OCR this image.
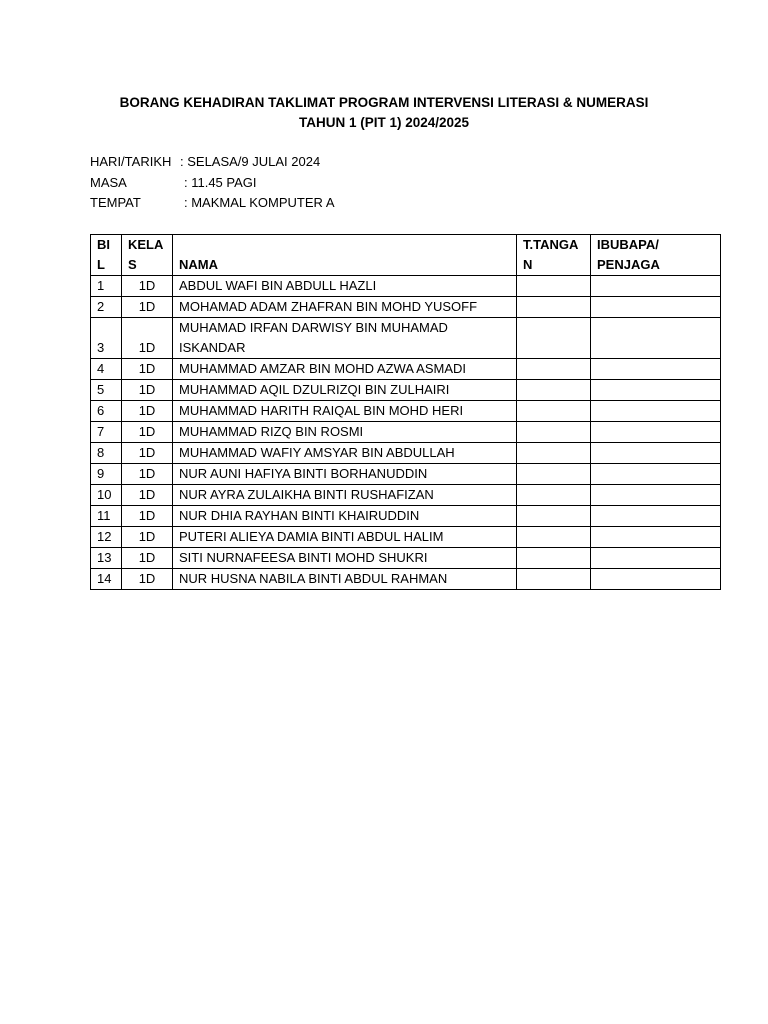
BORANG KEHADIRAN TAKLIMAT PROGRAM INTERVENSI LITERASI & NUMERASI
TAHUN 1 (PIT 1) 2024/2025
HARI/TARIKH : SELASA/9 JULAI 2024
MASA	: 11.45 PAGI
TEMPAT	: MAKMAL KOMPUTER A
BIL	KELAS	NAMA	T.TANGAN	IBUBAPA/ PENJAGA
1	1D	ABDUL WAFI BIN ABDULL HAZLI		
2	1D	MOHAMAD ADAM ZHAFRAN BIN MOHD YUSOFF		
3	1D	MUHAMAD IRFAN DARWISY BIN MUHAMAD ISKANDAR		
4	1D	MUHAMMAD AMZAR BIN MOHD AZWA ASMADI		
5	1D	MUHAMMAD AQIL DZULRIZQI BIN ZULHAIRI		
6	1D	MUHAMMAD HARITH RAIQAL BIN MOHD HERI		
7	1D	MUHAMMAD RIZQ BIN ROSMI		
8	1D	MUHAMMAD WAFIY AMSYAR BIN ABDULLAH		
9	1D	NUR AUNI HAFIYA BINTI BORHANUDDIN		
10	1D	NUR AYRA ZULAIKHA BINTI RUSHAFIZAN		
11	1D	NUR DHIA RAYHAN BINTI KHAIRUDDIN		
12	1D	PUTERI ALIEYA DAMIA BINTI ABDUL HALIM		
13	1D	SITI NURNAFEESA BINTI MOHD SHUKRI		
14	1D	NUR HUSNA NABILA BINTI ABDUL RAHMAN		
